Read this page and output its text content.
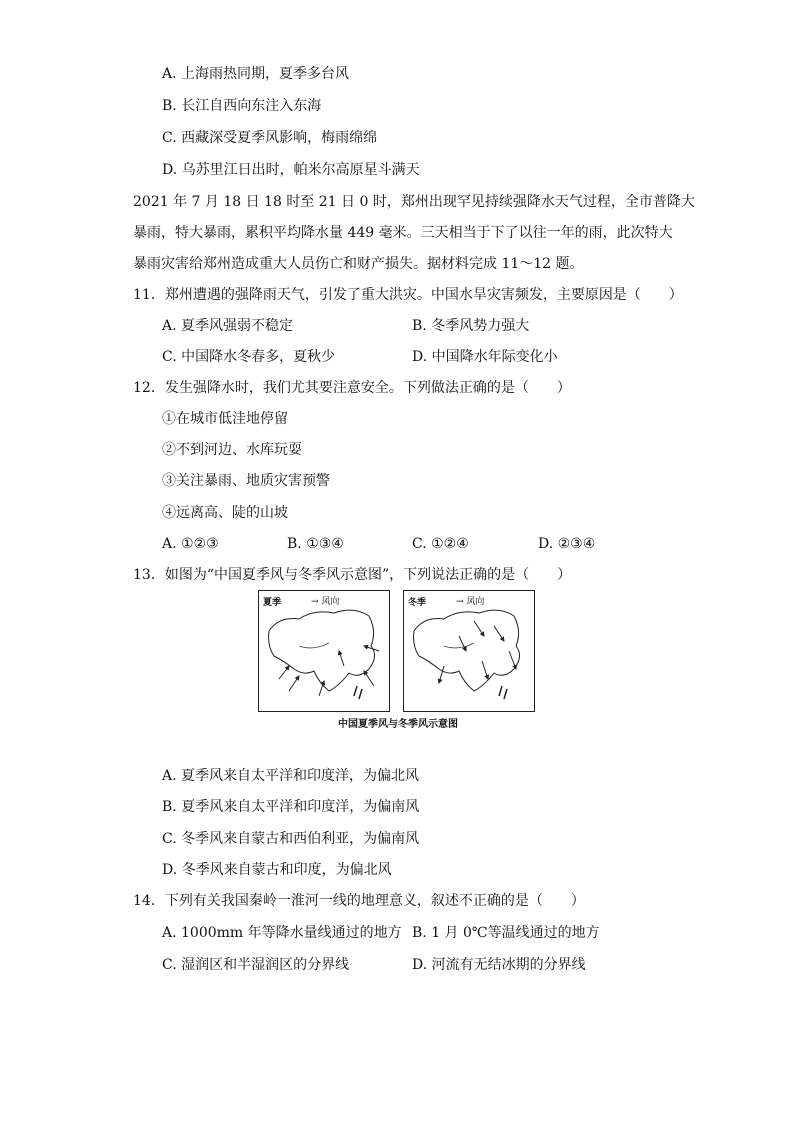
A. 上海雨热同期，夏季多台风
B. 长江自西向东注入东海
C. 西藏深受夏季风影响，梅雨绵绵
D. 乌苏里江日出时，帕米尔高原星斗满天
2021 年 7 月 18 日 18 时至 21 日 0 时，郑州出现罕见持续强降水天气过程，全市普降大
暴雨，特大暴雨，累积平均降水量 449 毫米。三天相当于下了以往一年的雨，此次特大
暴雨灾害给郑州造成重大人员伤亡和财产损失。据材料完成 11～12 题。
11．郑州遭遇的强降雨天气，引发了重大洪灾。中国水旱灾害频发，主要原因是（　　）
A. 夏季风强弱不稳定	B. 冬季风势力强大
C. 中国降水冬春多，夏秋少	D. 中国降水年际变化小
12．发生强降水时，我们尤其要注意安全。下列做法正确的是（　　）
①在城市低洼地停留
②不到河边、水库玩耍
③关注暴雨、地质灾害预警
④远离高、陡的山坡
A. ①②③	B. ①③④	C. ①②④	D. ②③④
13．如图为“中国夏季风与冬季风示意图”，下列说法正确的是（　　）
夏季	→ 风向	冬季	→ 风向
中国夏季风与冬季风示意图
A. 夏季风来自太平洋和印度洋，为偏北风
B. 夏季风来自太平洋和印度洋，为偏南风
C. 冬季风来自蒙古和西伯利亚，为偏南风
D. 冬季风来自蒙古和印度，为偏北风
14．下列有关我国秦岭一淮河一线的地理意义，叙述不正确的是（　　）
A. 1000mm 年等降水量线通过的地方 B. 1 月 0℃等温线通过的地方
C. 湿润区和半湿润区的分界线	D. 河流有无结冰期的分界线
